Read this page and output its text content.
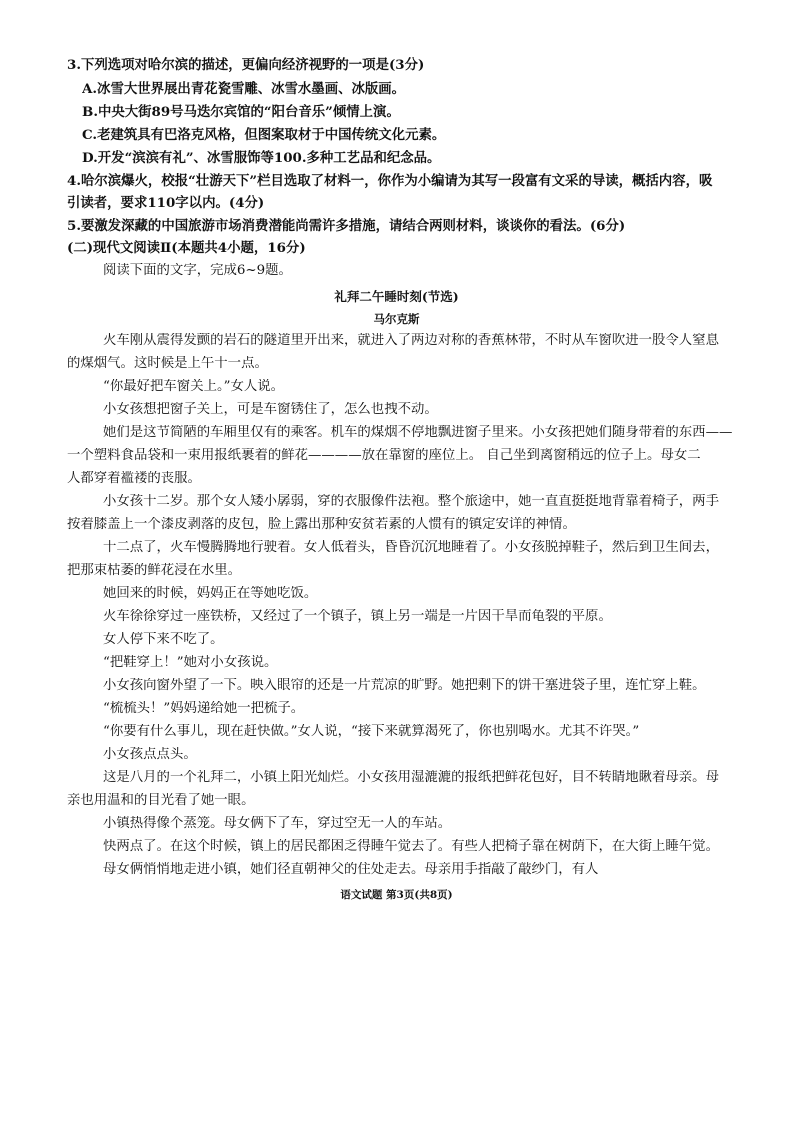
3.下列选项对哈尔滨的描述，更偏向经济视野的一项是(3分)
A.冰雪大世界展出青花瓷雪雕、冰雪水墨画、冰版画。
B.中央大街89号马迭尔宾馆的“阳台音乐”倾情上演。
C.老建筑具有巴洛克风格，但图案取材于中国传统文化元素。
D.开发“滨滨有礼”、冰雪服饰等100.多种工艺品和纪念品。
4.哈尔滨爆火，校报“壮游天下”栏目选取了材料一，你作为小编请为其写一段富有文采的导读，概括内容，吸
引读者，要求110字以内。(4分)
5.要激发深藏的中国旅游市场消费潜能尚需许多措施，请结合两则材料，谈谈你的看法。(6分)
(二)现代文阅读Ⅱ(本题共4小题，16分)
阅读下面的文字，完成6~9题。
礼拜二午睡时刻(节选)
马尔克斯
火车刚从震得发颤的岩石的隧道里开出来，就进入了两边对称的香蕉林带，不时从车窗吹进一股令人窒息
的煤烟气。这时候是上午十一点。
“你最好把车窗关上。”女人说。
小女孩想把窗子关上，可是车窗锈住了，怎么也拽不动。
她们是这节简陋的车厢里仅有的乘客。机车的煤烟不停地飘进窗子里来。小女孩把她们随身带着的东西——
一个塑料食品袋和一束用报纸裹着的鲜花————放在靠窗的座位上。 自己坐到离窗稍远的位子上。母女二
人都穿着褴褛的丧服。
小女孩十二岁。那个女人矮小孱弱，穿的衣服像件法袍。整个旅途中，她一直直挺挺地背靠着椅子，两手
按着膝盖上一个漆皮剥落的皮包，脸上露出那种安贫若素的人惯有的镇定安详的神情。
十二点了，火车慢腾腾地行驶着。女人低着头，昏昏沉沉地睡着了。小女孩脱掉鞋子，然后到卫生间去，
把那束枯萎的鲜花浸在水里。
她回来的时候，妈妈正在等她吃饭。
火车徐徐穿过一座铁桥，又经过了一个镇子，镇上另一端是一片因干旱而龟裂的平原。
女人停下来不吃了。
“把鞋穿上！”她对小女孩说。
小女孩向窗外望了一下。映入眼帘的还是一片荒凉的旷野。她把剩下的饼干塞进袋子里，连忙穿上鞋。
“梳梳头！”妈妈递给她一把梳子。
“你要有什么事儿，现在赶快做。”女人说，“接下来就算渴死了，你也别喝水。尤其不许哭。”
小女孩点点头。
这是八月的一个礼拜二，小镇上阳光灿烂。小女孩用湿漉漉的报纸把鲜花包好，目不转睛地瞅着母亲。母
亲也用温和的目光看了她一眼。
小镇热得像个蒸笼。母女俩下了车，穿过空无一人的车站。
快两点了。在这个时候，镇上的居民都困乏得睡午觉去了。有些人把椅子靠在树荫下，在大街上睡午觉。
母女俩悄悄地走进小镇，她们径直朝神父的住处走去。母亲用手指敲了敲纱门，有人
语文试题 第3页(共8页)
